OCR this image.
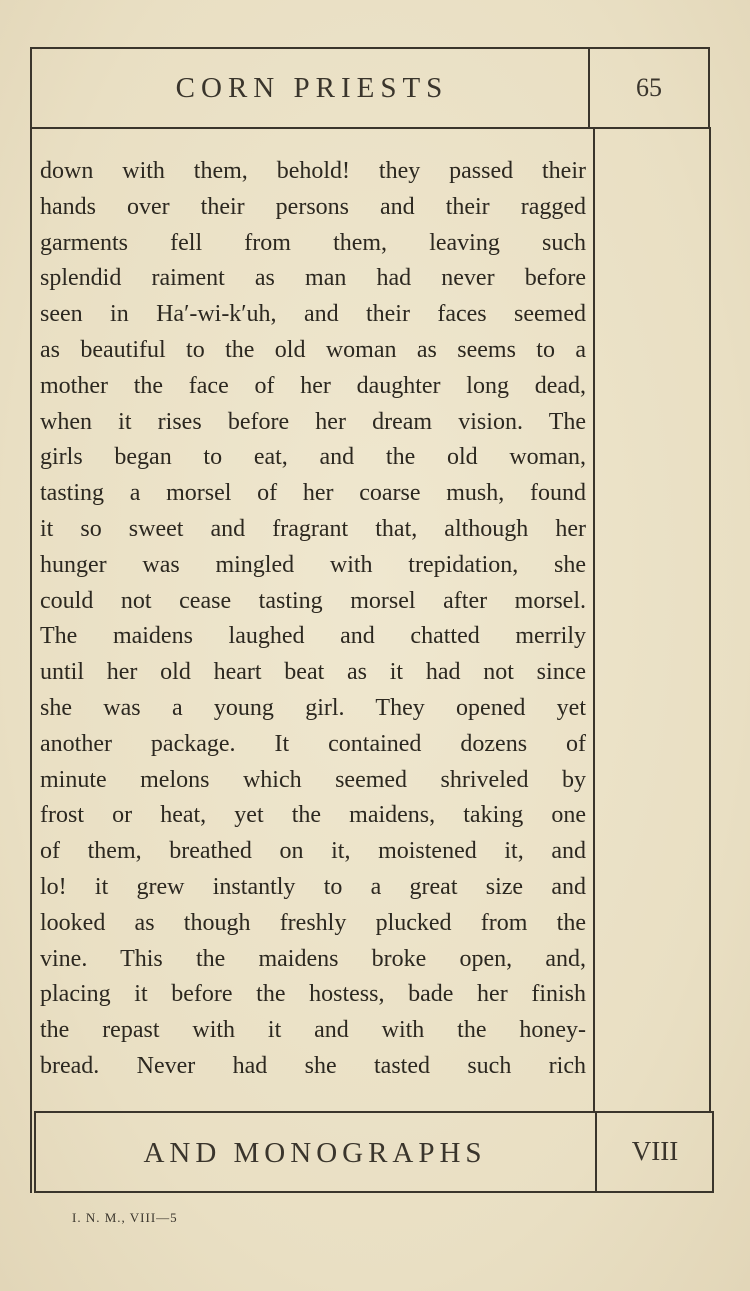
CORN PRIESTS	65
down with them, behold! they passed their
hands over their persons and their ragged
garments fell from them, leaving such
splendid raiment as man had never before
seen in Ha′-wi-k′uh, and their faces seemed
as beautiful to the old woman as seems to a
mother the face of her daughter long dead,
when it rises before her dream vision. The
girls began to eat, and the old woman,
tasting a morsel of her coarse mush, found
it so sweet and fragrant that, although her
hunger was mingled with trepidation, she
could not cease tasting morsel after morsel.
The maidens laughed and chatted merrily
until her old heart beat as it had not since
she was a young girl. They opened yet
another package. It contained dozens of
minute melons which seemed shriveled by
frost or heat, yet the maidens, taking one
of them, breathed on it, moistened it, and
lo! it grew instantly to a great size and
looked as though freshly plucked from the
vine. This the maidens broke open, and,
placing it before the hostess, bade her finish
the repast with it and with the honey-
bread. Never had she tasted such rich
AND MONOGRAPHS	VIII
I. N. M., VIII—5
